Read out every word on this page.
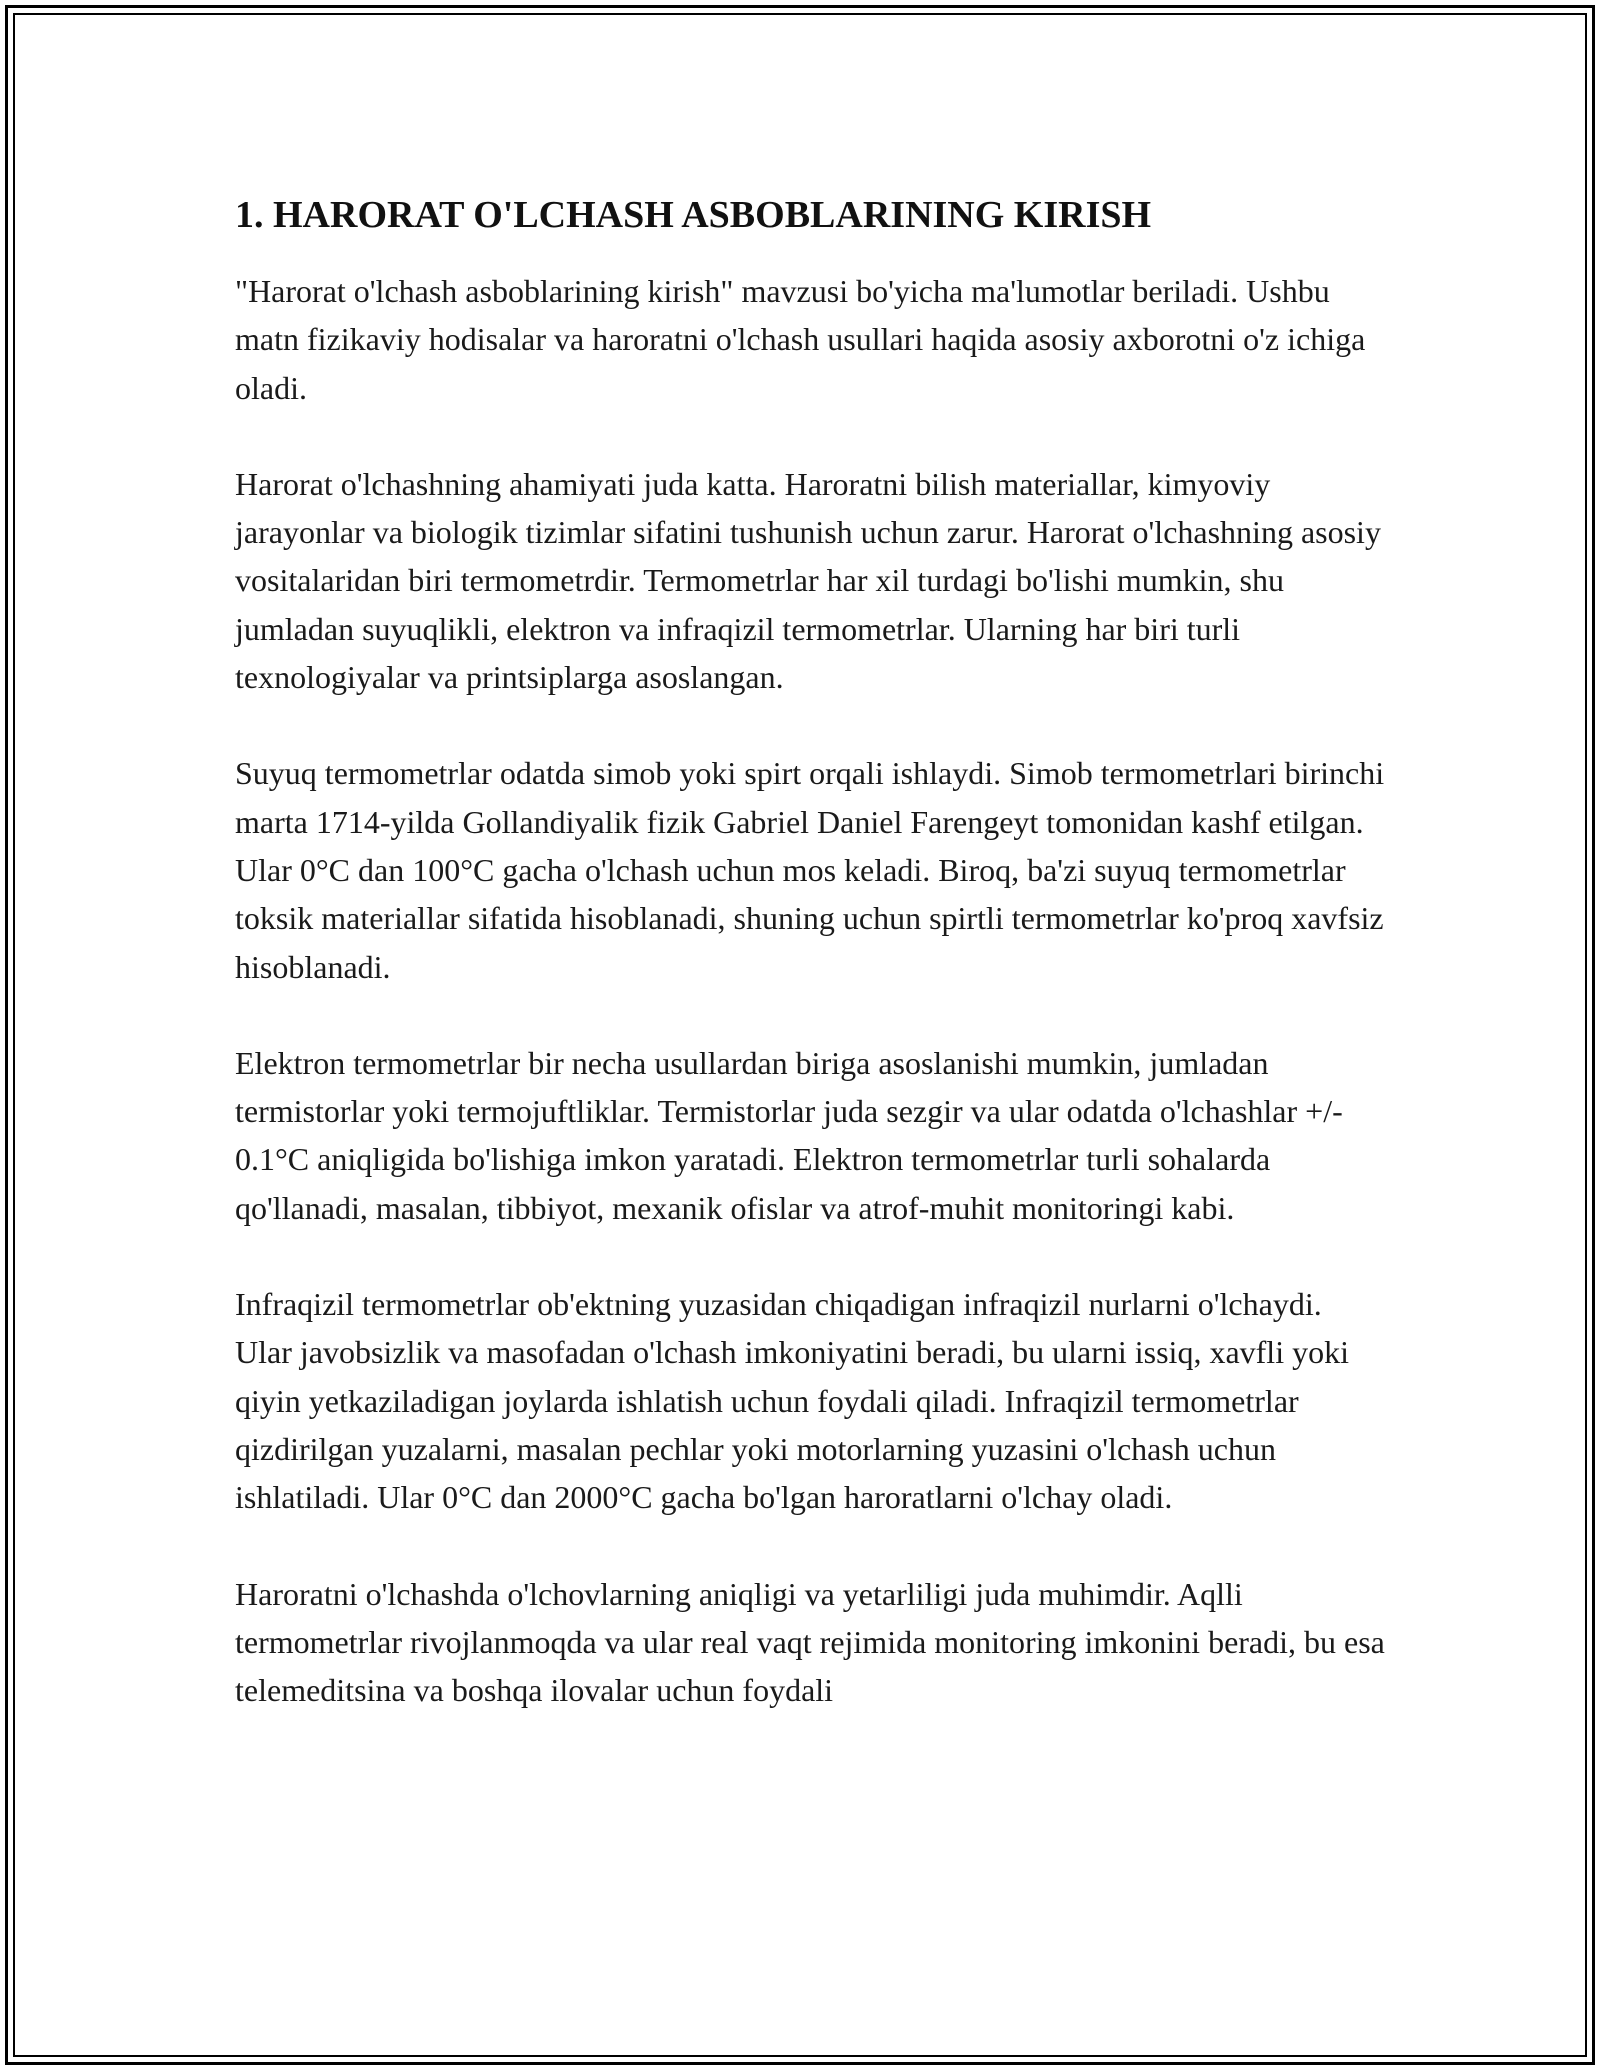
1. HARORAT O'LCHASH ASBOBLARINING KIRISH

"Harorat o'lchash asboblarining kirish" mavzusi bo'yicha ma'lumotlar beriladi. Ushbu matn fizikaviy hodisalar va haroratni o'lchash usullari haqida asosiy axborotni o'z ichiga oladi.

Harorat o'lchashning ahamiyati juda katta. Haroratni bilish materiallar, kimyoviy jarayonlar va biologik tizimlar sifatini tushunish uchun zarur. Harorat o'lchashning asosiy vositalaridan biri termometrdir. Termometrlar har xil turdagi bo'lishi mumkin, shu jumladan suyuqlikli, elektron va infraqizil termometrlar. Ularning har biri turli texnologiyalar va printsiplarga asoslangan.

Suyuq termometrlar odatda simob yoki spirt orqali ishlaydi. Simob termometrlari birinchi marta 1714-yilda Gollandiyalik fizik Gabriel Daniel Farengeyt tomonidan kashf etilgan. Ular 0°C dan 100°C gacha o'lchash uchun mos keladi. Biroq, ba'zi suyuq termometrlar toksik materiallar sifatida hisoblanadi, shuning uchun spirtli termometrlar ko'proq xavfsiz hisoblanadi.

Elektron termometrlar bir necha usullardan biriga asoslanishi mumkin, jumladan termistorlar yoki termojuftliklar. Termistorlar juda sezgir va ular odatda o'lchashlar +/- 0.1°C aniqligida bo'lishiga imkon yaratadi. Elektron termometrlar turli sohalarda qo'llanadi, masalan, tibbiyot, mexanik ofislar va atrof-muhit monitoringi kabi.

Infraqizil termometrlar ob'ektning yuzasidan chiqadigan infraqizil nurlarni o'lchaydi. Ular javobsizlik va masofadan o'lchash imkoniyatini beradi, bu ularni issiq, xavfli yoki qiyin yetkaziladigan joylarda ishlatish uchun foydali qiladi. Infraqizil termometrlar qizdirilgan yuzalarni, masalan pechlar yoki motorlarning yuzasini o'lchash uchun ishlatiladi. Ular 0°C dan 2000°C gacha bo'lgan haroratlarni o'lchay oladi.

Haroratni o'lchashda o'lchovlarning aniqligi va yetarliligi juda muhimdir. Aqlli termometrlar rivojlanmoqda va ular real vaqt rejimida monitoring imkonini beradi, bu esa telemeditsina va boshqa ilovalar uchun foydali
